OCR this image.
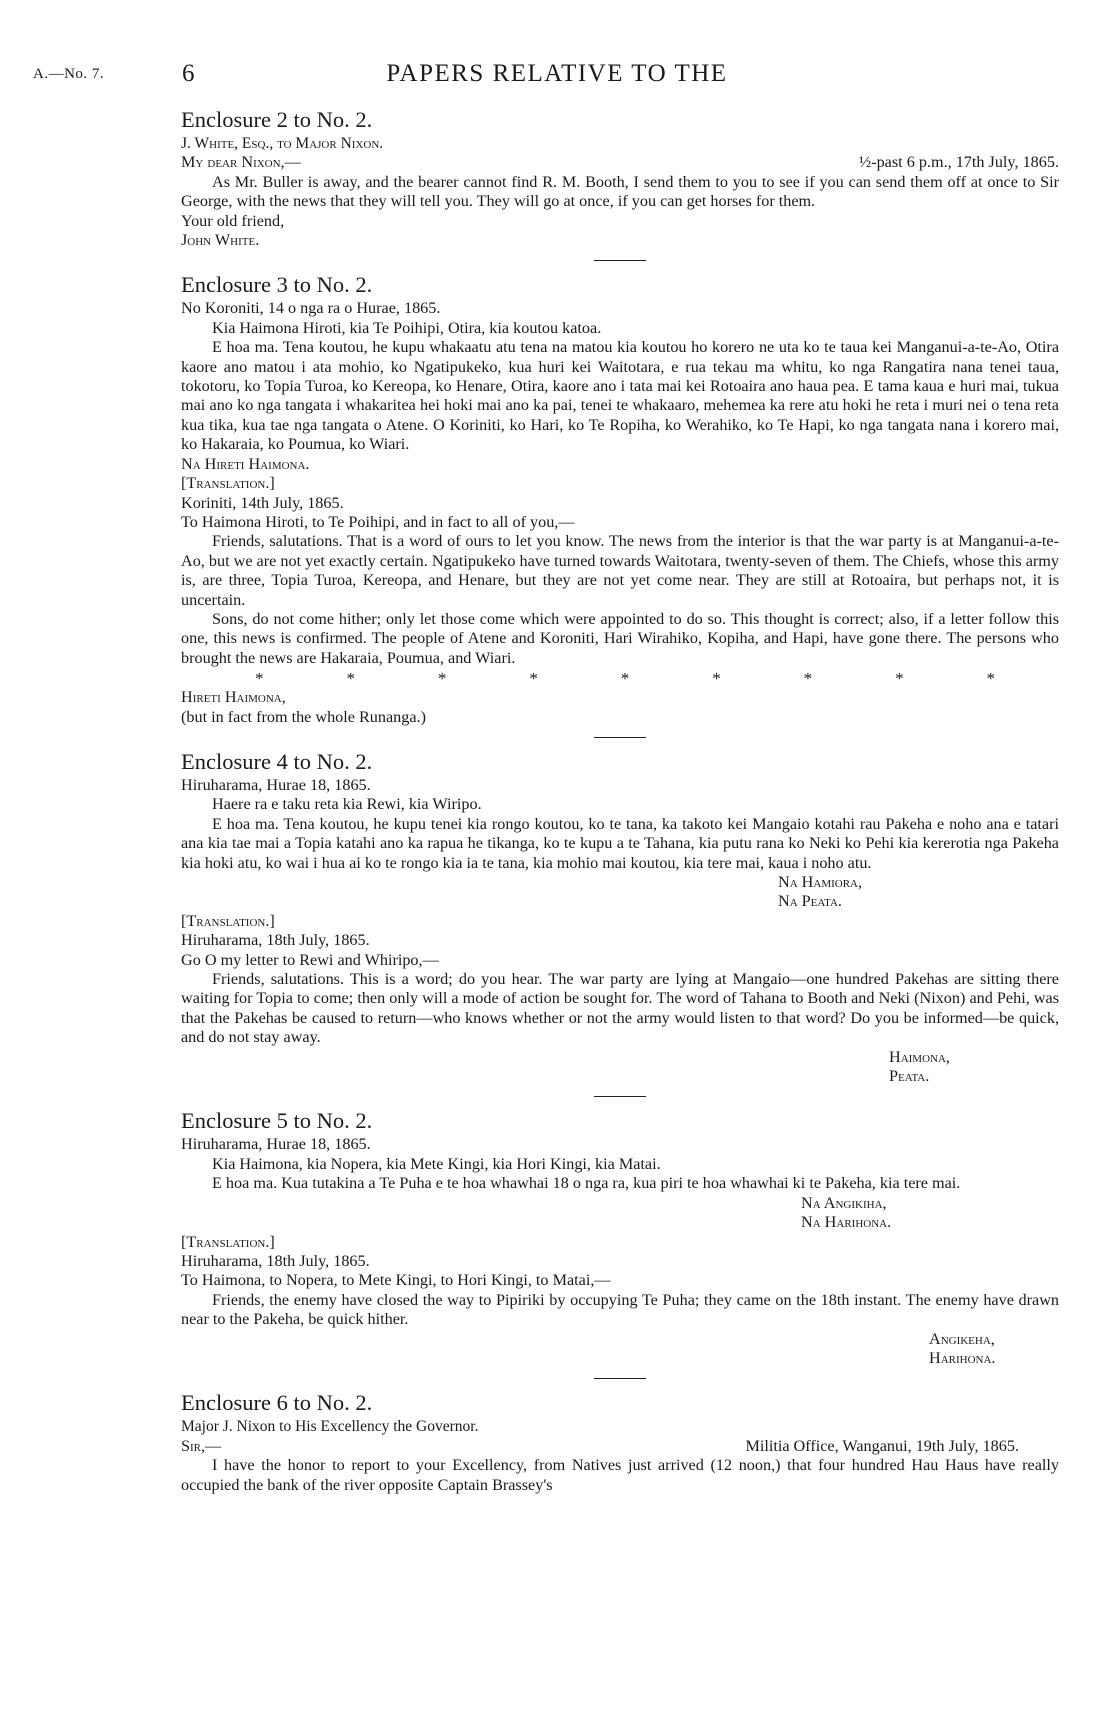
A.—No. 7.	6	PAPERS RELATIVE TO THE

Enclosure 2 to No. 2.

J. White, Esq., to Major Nixon.

My dear Nixon,—	½-past 6 p.m., 17th July, 1865.

As Mr. Buller is away, and the bearer cannot find R. M. Booth, I send them to you to see if you can send them off at once to Sir George, with the news that they will tell you. They will go at once, if you can get horses for them.

Your old friend,

John White.

Enclosure 3 to No. 2.

No Koroniti, 14 o nga ra o Hurae, 1865.

Kia Haimona Hiroti, kia Te Poihipi, Otira, kia koutou katoa.

E hoa ma. Tena koutou, he kupu whakaatu atu tena na matou kia koutou ho korero ne uta ko te taua kei Manganui-a-te-Ao, Otira kaore ano matou i ata mohio, ko Ngatipukeko, kua huri kei Waitotara, e rua tekau ma whitu, ko nga Rangatira nana tenei taua, tokotoru, ko Topia Turoa, ko Kereopa, ko Henare, Otira, kaore ano i tata mai kei Rotoaira ano haua pea. E tama kaua e huri mai, tukua mai ano ko nga tangata i whakaritea hei hoki mai ano ka pai, tenei te whakaaro, mehemea ka rere atu hoki he reta i muri nei o tena reta kua tika, kua tae nga tangata o Atene. O Koriniti, ko Hari, ko Te Ropiha, ko Werahiko, ko Te Hapi, ko nga tangata nana i korero mai, ko Hakaraia, ko Poumua, ko Wiari.

Na Hireti Haimona.

[Translation.]

Koriniti, 14th July, 1865.

To Haimona Hiroti, to Te Poihipi, and in fact to all of you,—

Friends, salutations. That is a word of ours to let you know. The news from the interior is that the war party is at Manganui-a-te-Ao, but we are not yet exactly certain. Ngatipukeko have turned towards Waitotara, twenty-seven of them. The Chiefs, whose this army is, are three, Topia Turoa, Kereopa, and Henare, but they are not yet come near. They are still at Rotoaira, but perhaps not, it is uncertain.

Sons, do not come hither; only let those come which were appointed to do so. This thought is correct; also, if a letter follow this one, this news is confirmed. The people of Atene and Koroniti, Hari Wirahiko, Kopiha, and Hapi, have gone there. The persons who brought the news are Hakaraia, Poumua, and Wiari.

*	*	*	*	*	*	*	*	*

Hireti Haimona,

(but in fact from the whole Runanga.)

Enclosure 4 to No. 2.

Hiruharama, Hurae 18, 1865.

Haere ra e taku reta kia Rewi, kia Wiripo.

E hoa ma. Tena koutou, he kupu tenei kia rongo koutou, ko te tana, ka takoto kei Mangaio kotahi rau Pakeha e noho ana e tatari ana kia tae mai a Topia katahi ano ka rapua he tikanga, ko te kupu a te Tahana, kia putu rana ko Neki ko Pehi kia kererotia nga Pakeha kia hoki atu, ko wai i hua ai ko te rongo kia ia te tana, kia mohio mai koutou, kia tere mai, kaua i noho atu.

Na Hamiora,

Na Peata.

[Translation.]

Hiruharama, 18th July, 1865.

Go O my letter to Rewi and Whiripo,—

Friends, salutations. This is a word; do you hear. The war party are lying at Mangaio—one hundred Pakehas are sitting there waiting for Topia to come; then only will a mode of action be sought for. The word of Tahana to Booth and Neki (Nixon) and Pehi, was that the Pakehas be caused to return—who knows whether or not the army would listen to that word? Do you be informed—be quick, and do not stay away.

Haimona,

Peata.

Enclosure 5 to No. 2.

Hiruharama, Hurae 18, 1865.

Kia Haimona, kia Nopera, kia Mete Kingi, kia Hori Kingi, kia Matai.

E hoa ma. Kua tutakina a Te Puha e te hoa whawhai 18 o nga ra, kua piri te hoa whawhai ki te Pakeha, kia tere mai.

Na Angikiha,

Na Harihona.

[Translation.]

Hiruharama, 18th July, 1865.

To Haimona, to Nopera, to Mete Kingi, to Hori Kingi, to Matai,—

Friends, the enemy have closed the way to Pipiriki by occupying Te Puha; they came on the 18th instant. The enemy have drawn near to the Pakeha, be quick hither.

Angikeha,

Harihona.

Enclosure 6 to No. 2.

Major J. Nixon to His Excellency the Governor.

Sir,—	Militia Office, Wanganui, 19th July, 1865.

I have the honor to report to your Excellency, from Natives just arrived (12 noon,) that four hundred Hau Haus have really occupied the bank of the river opposite Captain Brassey's
